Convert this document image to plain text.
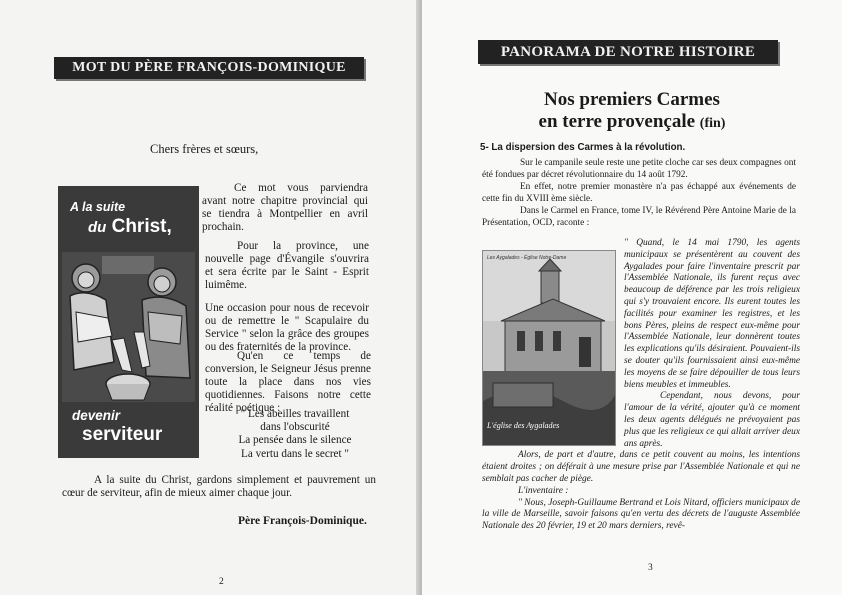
MOT DU PÈRE FRANÇOIS-DOMINIQUE
Chers frères et sœurs,
A la suite
du Christ,
devenir
serviteur

Ce mot vous parviendra avant notre chapitre provincial qui se tiendra à Montpellier en avril prochain.

Pour la province, une nouvelle page d'Évangile s'ouvrira et sera écrite par le Saint - Esprit luimême.

Une occasion pour nous de recevoir ou de remettre le " Scapulaire du Service " selon la grâce des groupes ou des fraternités de la province.

Qu'en ce temps de conversion, le Seigneur Jésus prenne toute la place dans nos vies quotidiennes. Faisons notre cette réalité poétique :

" Les abeilles travaillent
dans l'obscurité
La pensée dans le silence
La vertu dans le secret "

A la suite du Christ, gardons simplement et pauvrement un cœur de serviteur, afin de mieux aimer chaque jour.

Père François-Dominique.
2
PANORAMA DE NOTRE HISTOIRE
Nos premiers Carmes
en terre provençale (fin)
5- La dispersion des Carmes à la révolution.

Sur le campanile seule reste une petite cloche car ses deux compagnes ont été fondues par décret révolutionnaire du 14 août 1792.

En effet, notre premier monastère n'a pas échappé aux événements de cette fin du XVIII ème siècle.

Dans le Carmel en France, tome IV, le Révérend Père Antoine Marie de la Présentation, OCD, raconte :

Les Aygalades - Église Notre-Dame
L'église des Aygalades

" Quand, le 14 mai 1790, les agents municipaux se présentèrent au couvent des Aygalades pour faire l'inventaire prescrit par l'Assemblée Nationale, ils furent reçus avec beaucoup de déférence par les trois religieux qui s'y trouvaient encore. Ils eurent toutes les facilités pour examiner les registres, et les bons Pères, pleins de respect eux-même pour l'Assemblée Nationale, leur donnèrent toutes les explications qu'ils désiraient. Pouvaient-ils se douter qu'ils fournissaient ainsi eux-même les moyens de se faire dépouiller de tous leurs biens meubles et immeubles.

Cependant, nous devons, pour l'amour de la vérité, ajouter qu'à ce moment les deux agents délégués ne prévoyaient pas plus que les religieux ce qui allait arriver deux ans après.

Alors, de part et d'autre, dans ce petit couvent au moins, les intentions étaient droites ; on déférait à une mesure prise par l'Assemblée Nationale et qui ne semblait pas cacher de piège.

L'inventaire :

" Nous, Joseph-Guillaume Bertrand et Lois Nitard, officiers municipaux de la ville de Marseille, savoir faisons qu'en vertu des décrets de l'auguste Assemblée Nationale des 20 février, 19 et 20 mars derniers, revê-

3
